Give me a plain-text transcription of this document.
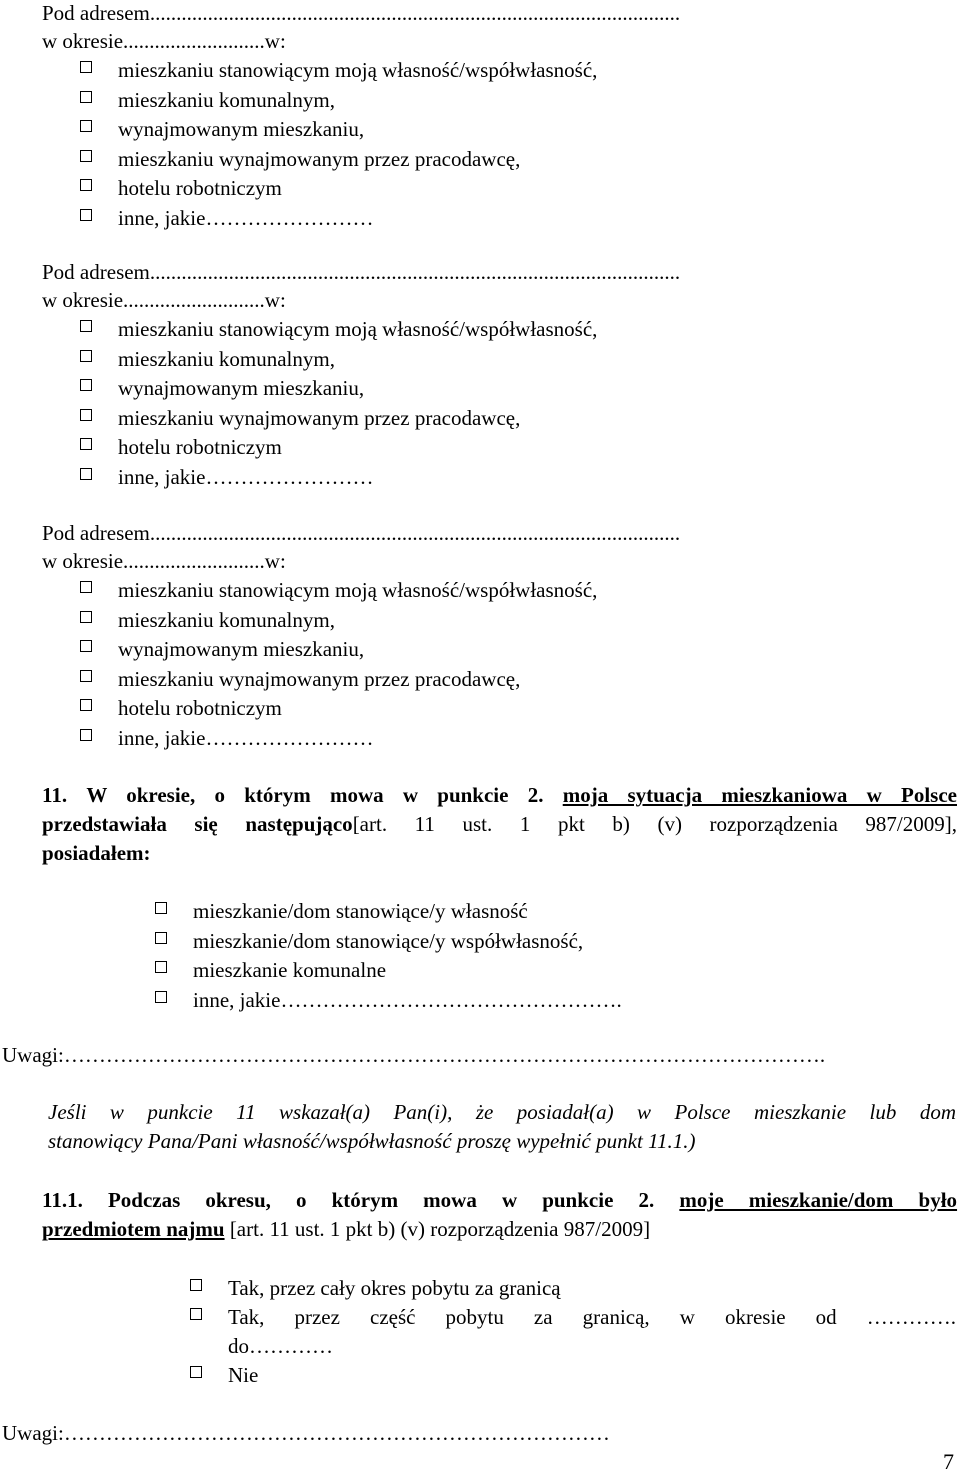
Pod adresem.....................................................................................................
w okresie...........................w:
mieszkaniu stanowiącym moją własność/współwłasność,
mieszkaniu komunalnym,
wynajmowanym mieszkaniu,
mieszkaniu wynajmowanym przez pracodawcę,
hotelu robotniczym
inne, jakie……………………
Pod adresem.....................................................................................................
w okresie...........................w:
mieszkaniu stanowiącym moją własność/współwłasność,
mieszkaniu komunalnym,
wynajmowanym mieszkaniu,
mieszkaniu wynajmowanym przez pracodawcę,
hotelu robotniczym
inne, jakie……………………
Pod adresem.....................................................................................................
w okresie...........................w:
mieszkaniu stanowiącym moją własność/współwłasność,
mieszkaniu komunalnym,
wynajmowanym mieszkaniu,
mieszkaniu wynajmowanym przez pracodawcę,
hotelu robotniczym
inne, jakie……………………
11. W okresie, o którym mowa w punkcie 2. moja sytuacja mieszkaniowa w Polsce
przedstawiała się następująco[art. 11 ust. 1 pkt b) (v) rozporządzenia 987/2009],
posiadałem:
mieszkanie/dom stanowiące/y własność
mieszkanie/dom stanowiące/y współwłasność,
mieszkanie komunalne
inne, jakie………………………………………….
Uwagi:……………………………………………………………………………………………….
Jeśli w punkcie 11 wskazał(a) Pan(i), że posiadał(a) w Polsce mieszkanie lub dom
stanowiący Pana/Pani własność/współwłasność proszę wypełnić punkt 11.1.)
11.1. Podczas okresu, o którym mowa w punkcie 2. moje mieszkanie/dom było
przedmiotem najmu [art. 11 ust. 1 pkt b) (v) rozporządzenia 987/2009]
Tak, przez cały okres pobytu za granicą
Tak, przez część pobytu za granicą, w okresie od ………….
do…………
Nie
Uwagi:……………………………………………………………………
7
